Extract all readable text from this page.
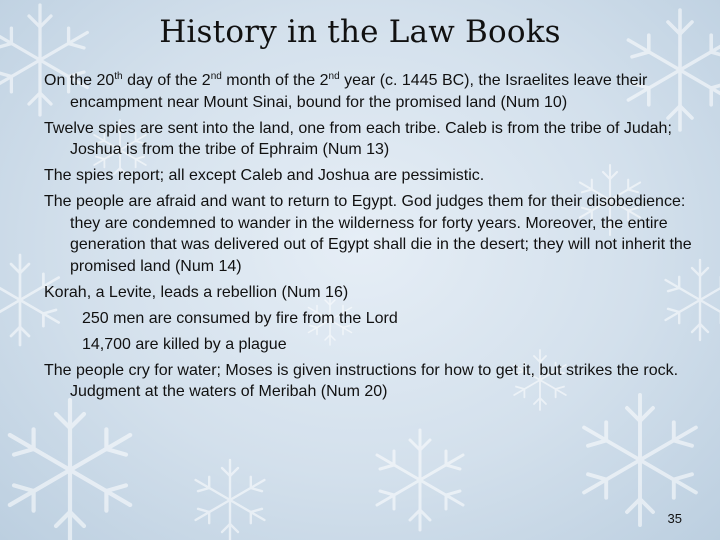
History in the Law Books

On the 20th day of the 2nd month of the 2nd year (c. 1445 BC), the Israelites leave their encampment near Mount Sinai, bound for the promised land (Num 10)

Twelve spies are sent into the land, one from each tribe. Caleb is from the tribe of Judah; Joshua is from the tribe of Ephraim (Num 13)

The spies report; all except Caleb and Joshua are pessimistic.

The people are afraid and want to return to Egypt. God judges them for their disobedience: they are condemned to wander in the wilderness for forty years. Moreover, the entire generation that was delivered out of Egypt shall die in the desert; they will not inherit the promised land (Num 14)

Korah, a Levite, leads a rebellion (Num 16)

250 men are consumed by fire from the Lord

14,700 are killed by a plague

The people cry for water; Moses is given instructions for how to get it, but strikes the rock. Judgment at the waters of Meribah (Num 20)

35
